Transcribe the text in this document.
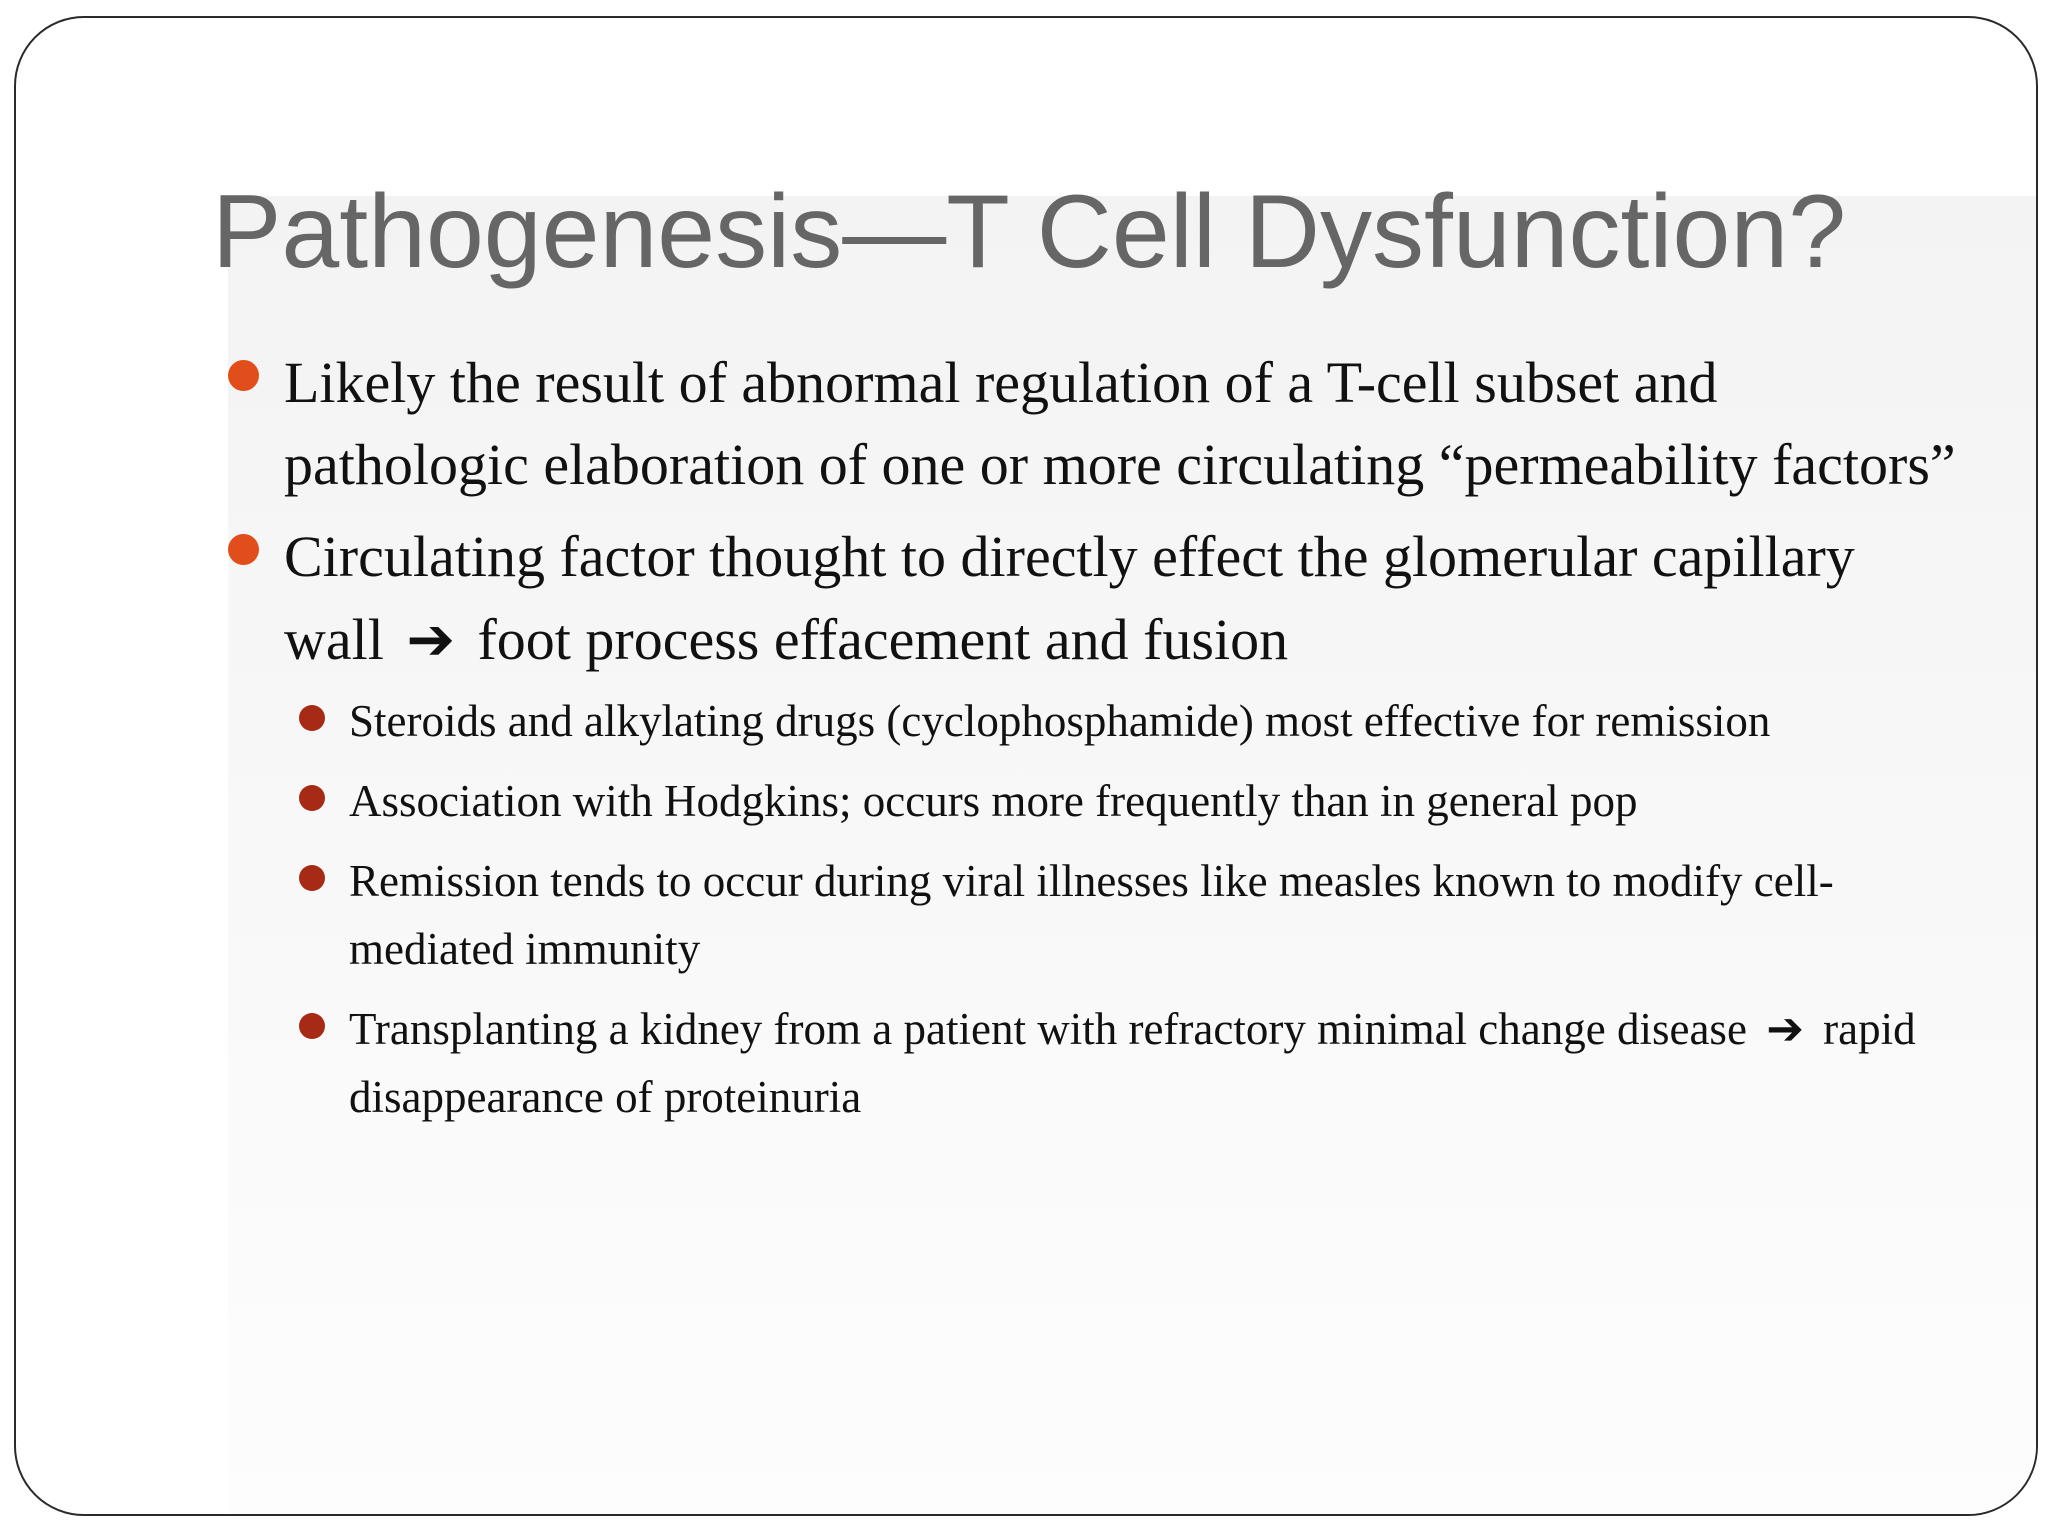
Pathogenesis—T Cell Dysfunction?
Likely the result of abnormal regulation of a T-cell subset and pathologic elaboration of one or more circulating “permeability factors”
Circulating factor thought to directly effect the glomerular capillary wall ➔ foot process effacement and fusion
Steroids and alkylating drugs (cyclophosphamide) most effective for remission
Association with Hodgkins; occurs more frequently than in general pop
Remission tends to occur during viral illnesses like measles known to modify cell-mediated immunity
Transplanting a kidney from a patient with refractory minimal change disease ➔ rapid disappearance of proteinuria
